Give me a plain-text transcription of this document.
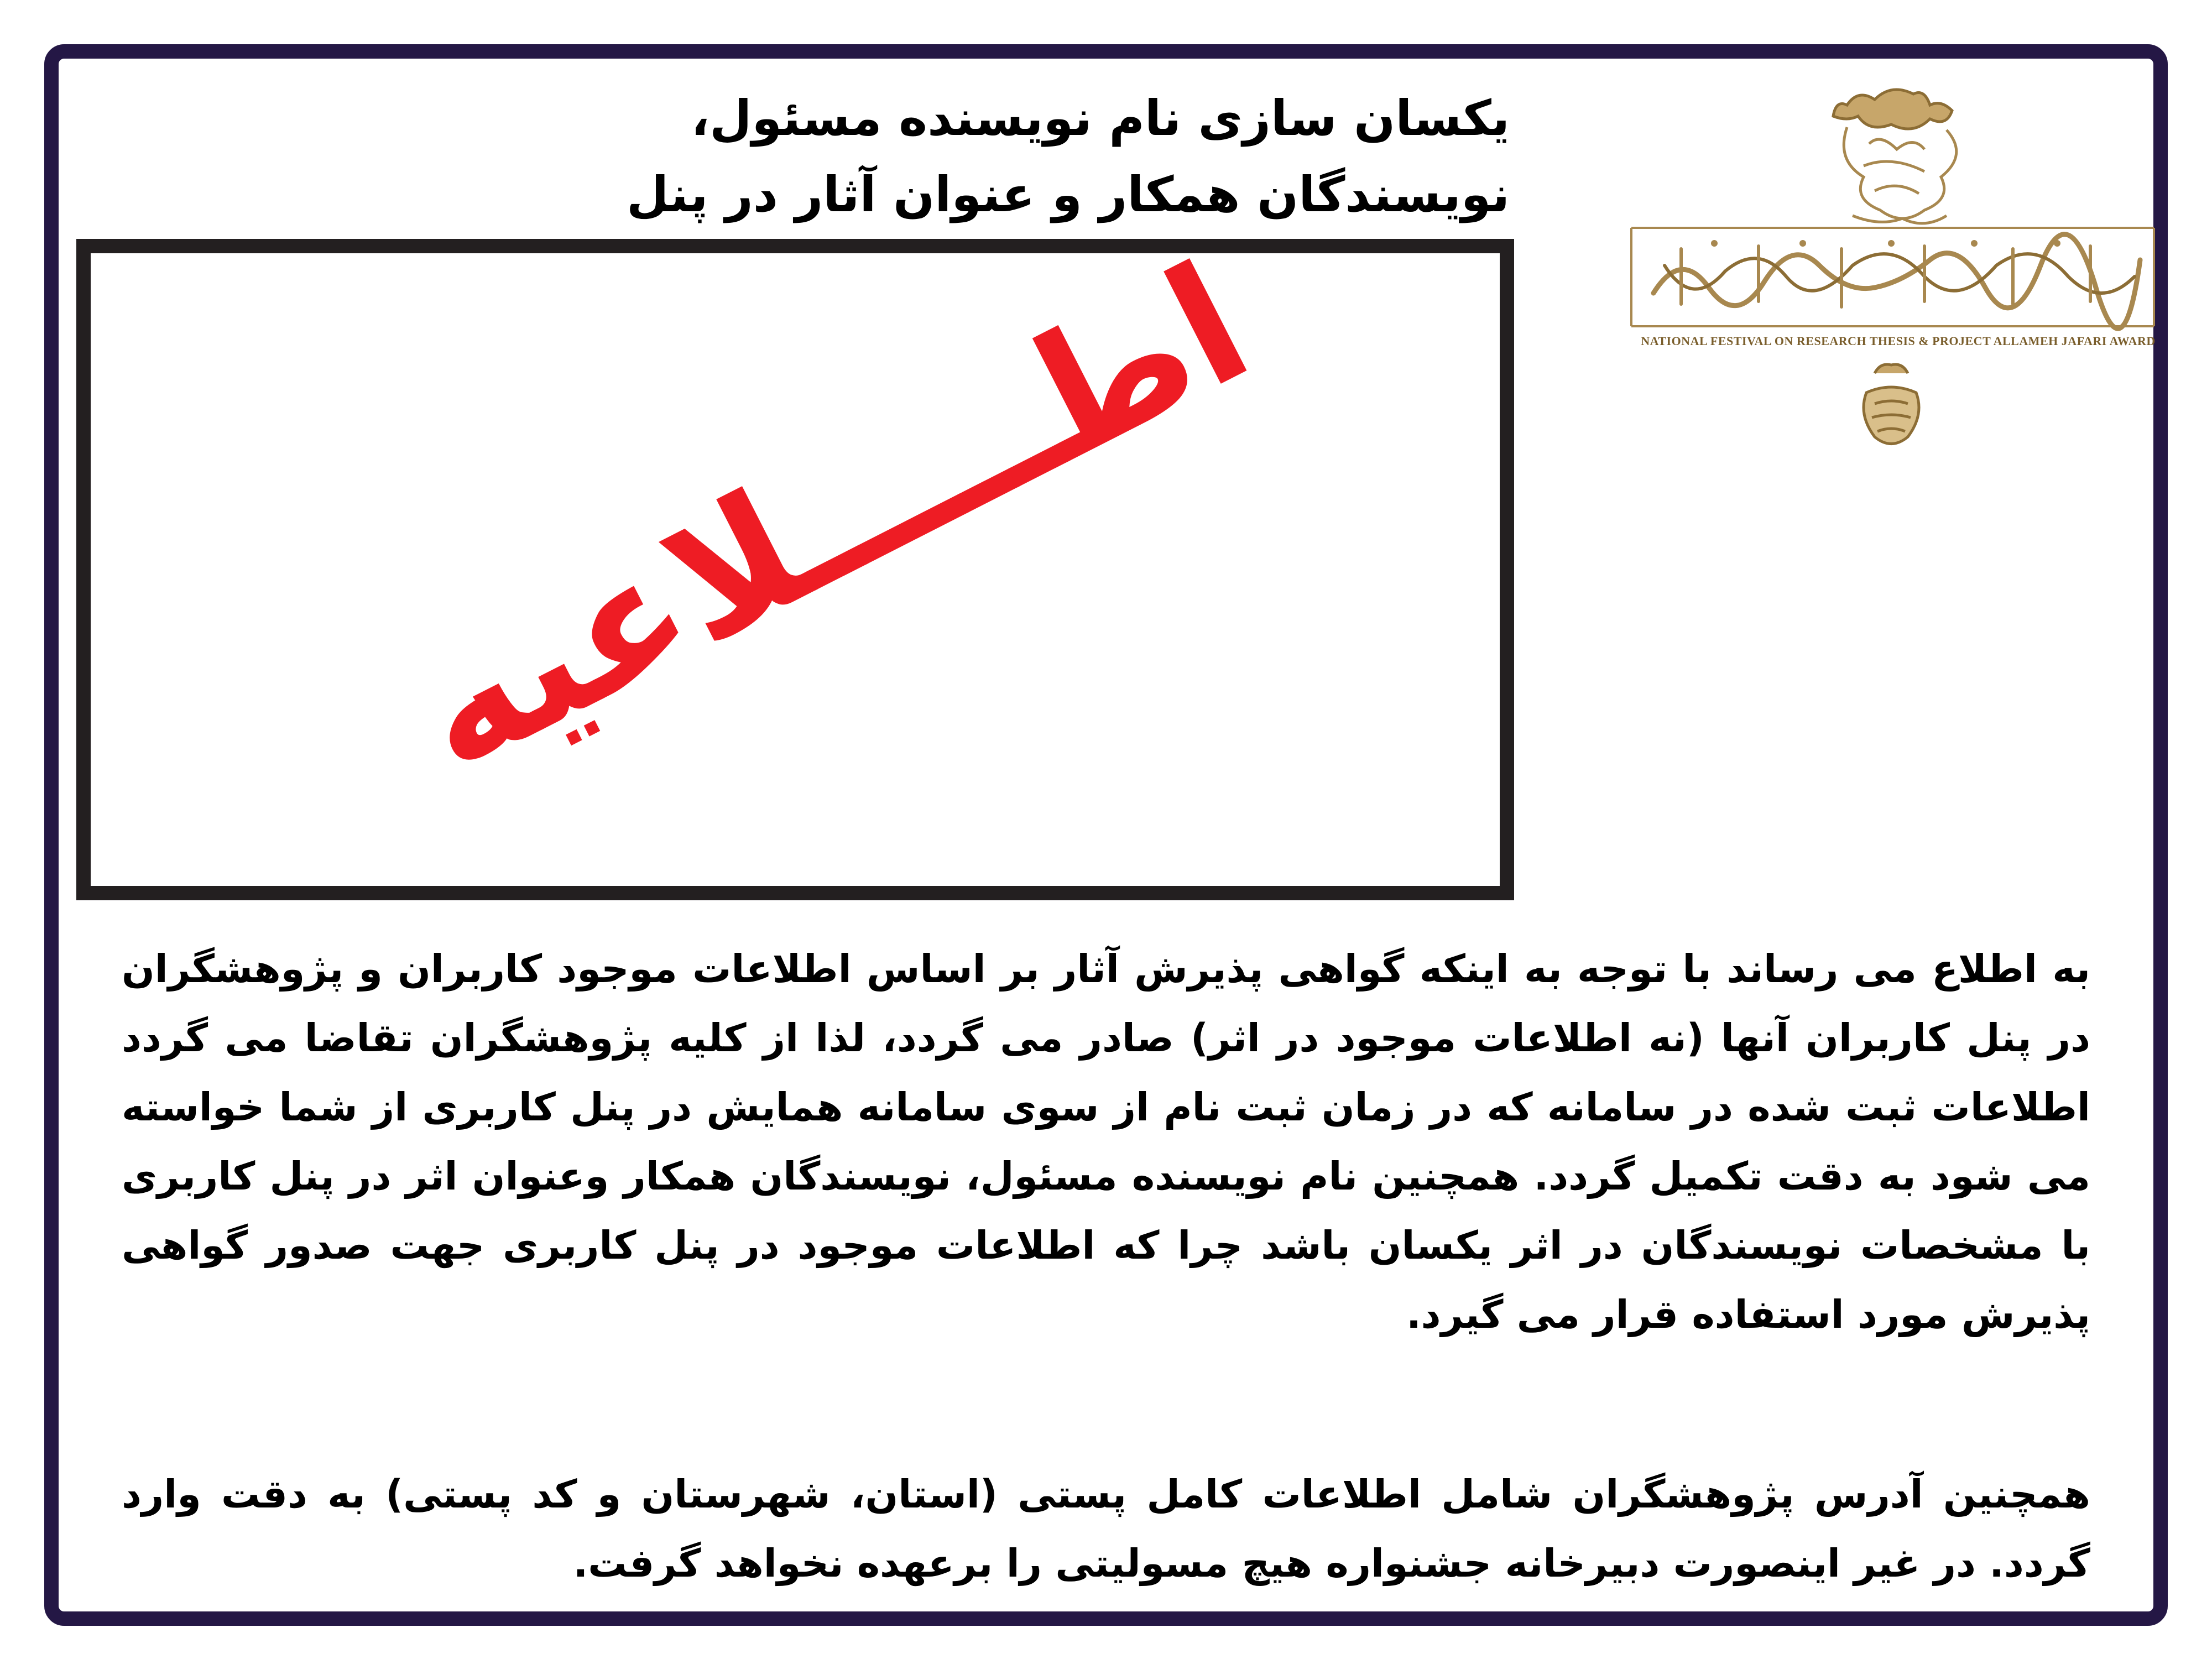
یکسان سازی نام نویسنده مسئول، نویسندگان همکار و عنوان آثار در پنل
NATIONAL FESTIVAL ON RESEARCH THESIS & PROJECT ALLAMEH JAFARI AWARD
اطـــــلاعیه

به اطلاع می رساند با توجه به اینکه گواهی پذیرش آثار بر اساس اطلاعات موجود کاربران و پژوهشگران در پنل کاربران آنها (نه اطلاعات موجود در اثر) صادر می گردد، لذا از کلیه پژوهشگران تقاضا می گردد اطلاعات ثبت شده در سامانه که در زمان ثبت نام از سوی سامانه همایش در پنل کاربری از شما خواسته می شود به دقت تکمیل گردد. همچنین نام نویسنده مسئول، نویسندگان همکار وعنوان اثر در پنل کاربری با مشخصات نویسندگان در اثر یکسان باشد چرا که اطلاعات موجود در پنل کاربری جهت صدور گواهی پذیرش مورد استفاده قرار می گیرد.

همچنین آدرس پژوهشگران شامل اطلاعات کامل پستی (استان، شهرستان و کد پستی) به دقت وارد گردد. در غیر اینصورت دبیرخانه جشنواره هیچ مسولیتی را برعهده نخواهد گرفت.
